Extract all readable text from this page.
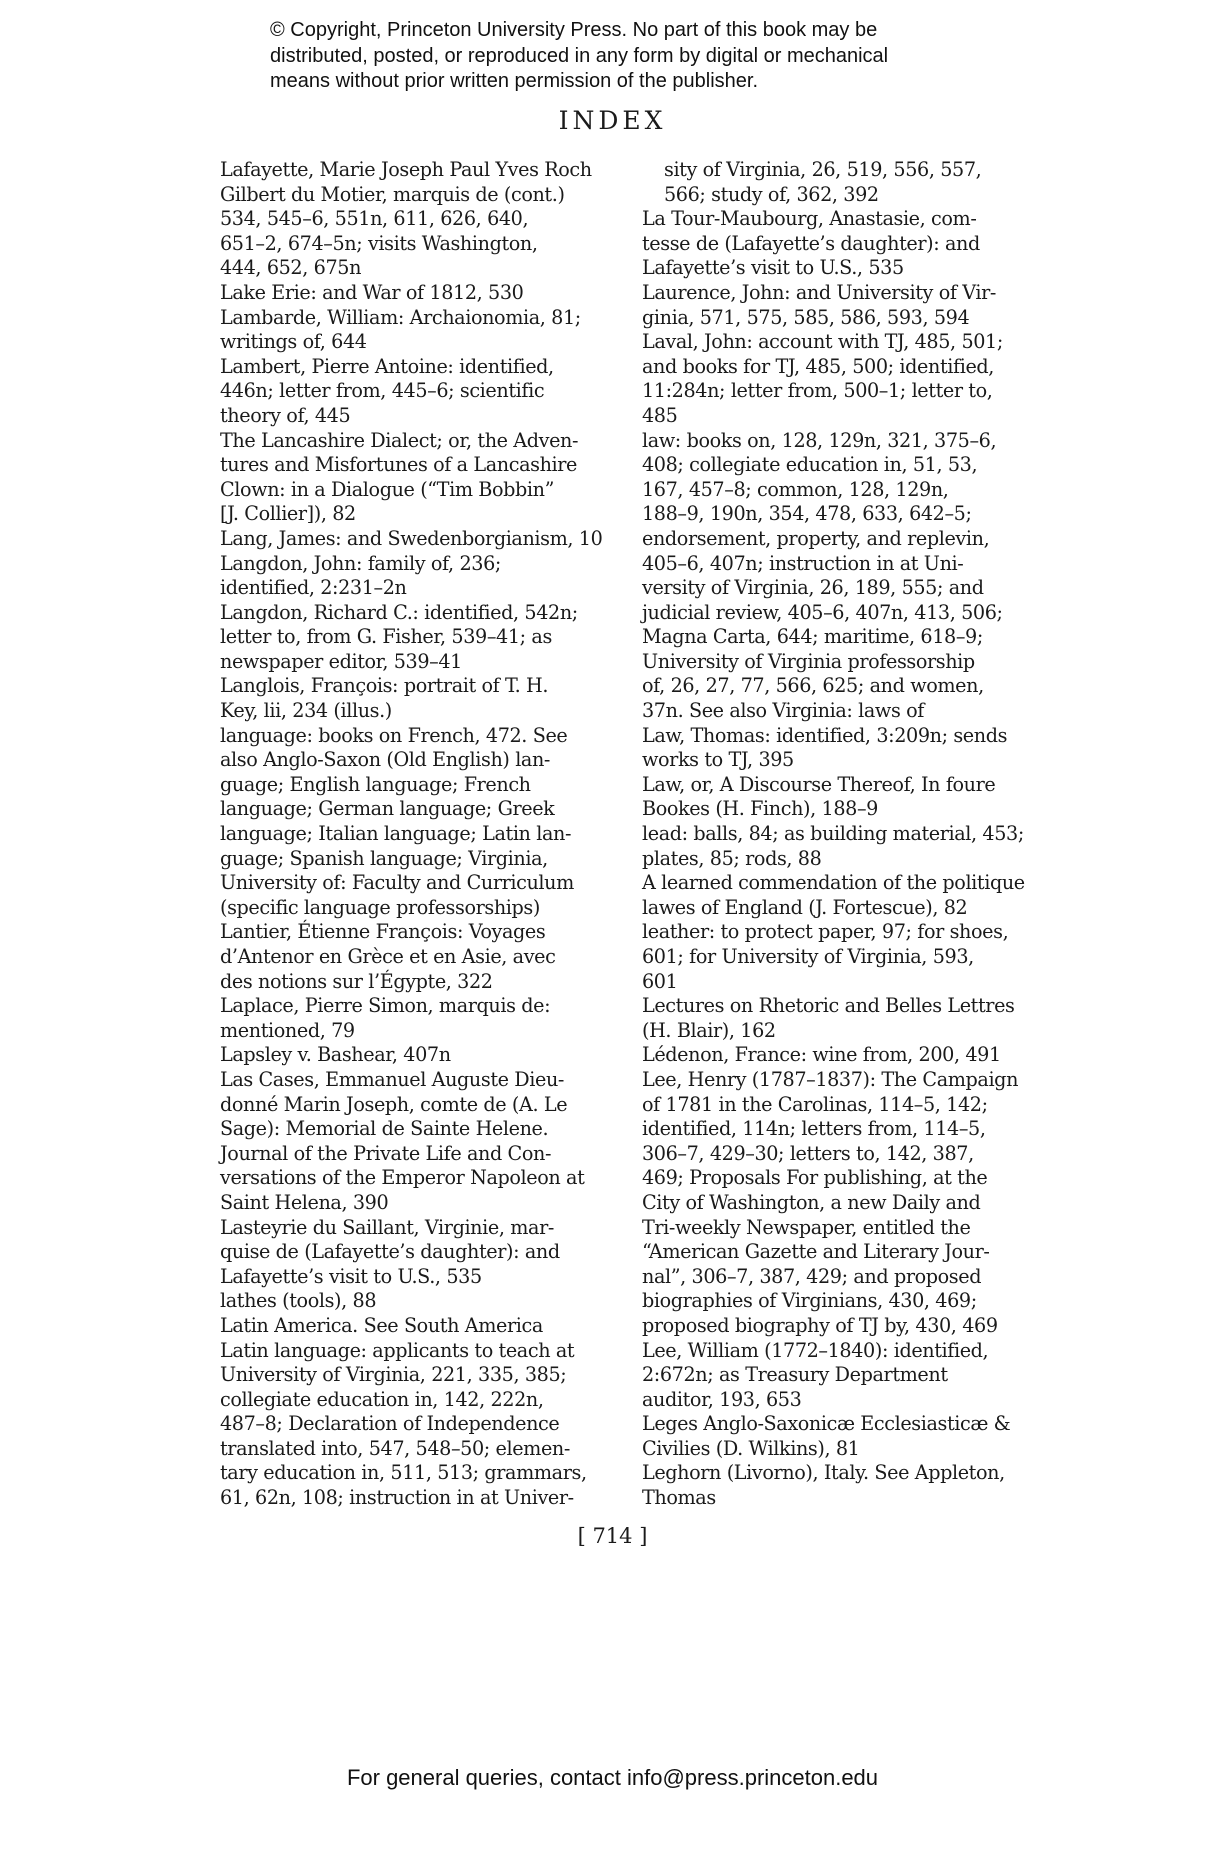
© Copyright, Princeton University Press. No part of this book may be
distributed, posted, or reproduced in any form by digital or mechanical
means without prior written permission of the publisher.
INDEX
Lafayette, Marie Joseph Paul Yves Roch
Gilbert du Motier, marquis de (cont.)
534, 545–6, 551n, 611, 626, 640,
651–2, 674–5n; visits Washington,
444, 652, 675n
Lake Erie: and War of 1812, 530
Lambarde, William: Archaionomia, 81;
writings of, 644
Lambert, Pierre Antoine: identified,
446n; letter from, 445–6; scientific
theory of, 445
The Lancashire Dialect; or, the Adven-
tures and Misfortunes of a Lancashire
Clown: in a Dialogue (“Tim Bobbin”
[J. Collier]), 82
Lang, James: and Swedenborgianism, 10
Langdon, John: family of, 236;
identified, 2:231–2n
Langdon, Richard C.: identified, 542n;
letter to, from G. Fisher, 539–41; as
newspaper editor, 539–41
Langlois, François: portrait of T. H.
Key, lii, 234 (illus.)
language: books on French, 472. See
also Anglo-Saxon (Old English) lan-
guage; English language; French
language; German language; Greek
language; Italian language; Latin lan-
guage; Spanish language; Virginia,
University of: Faculty and Curriculum
(specific language professorships)
Lantier, Étienne François: Voyages
d’Antenor en Grèce et en Asie, avec
des notions sur l’Égypte, 322
Laplace, Pierre Simon, marquis de:
mentioned, 79
Lapsley v. Bashear, 407n
Las Cases, Emmanuel Auguste Dieu-
donné Marin Joseph, comte de (A. Le
Sage): Memorial de Sainte Helene.
Journal of the Private Life and Con-
versations of the Emperor Napoleon at
Saint Helena, 390
Lasteyrie du Saillant, Virginie, mar-
quise de (Lafayette’s daughter): and
Lafayette’s visit to U.S., 535
lathes (tools), 88
Latin America. See South America
Latin language: applicants to teach at
University of Virginia, 221, 335, 385;
collegiate education in, 142, 222n,
487–8; Declaration of Independence
translated into, 547, 548–50; elemen-
tary education in, 511, 513; grammars,
61, 62n, 108; instruction in at Univer-
sity of Virginia, 26, 519, 556, 557,
566; study of, 362, 392
La Tour-Maubourg, Anastasie, com-
tesse de (Lafayette’s daughter): and
Lafayette’s visit to U.S., 535
Laurence, John: and University of Vir-
ginia, 571, 575, 585, 586, 593, 594
Laval, John: account with TJ, 485, 501;
and books for TJ, 485, 500; identified,
11:284n; letter from, 500–1; letter to,
485
law: books on, 128, 129n, 321, 375–6,
408; collegiate education in, 51, 53,
167, 457–8; common, 128, 129n,
188–9, 190n, 354, 478, 633, 642–5;
endorsement, property, and replevin,
405–6, 407n; instruction in at Uni-
versity of Virginia, 26, 189, 555; and
judicial review, 405–6, 407n, 413, 506;
Magna Carta, 644; maritime, 618–9;
University of Virginia professorship
of, 26, 27, 77, 566, 625; and women,
37n. See also Virginia: laws of
Law, Thomas: identified, 3:209n; sends
works to TJ, 395
Law, or, A Discourse Thereof, In foure
Bookes (H. Finch), 188–9
lead: balls, 84; as building material, 453;
plates, 85; rods, 88
A learned commendation of the politique
lawes of England (J. Fortescue), 82
leather: to protect paper, 97; for shoes,
601; for University of Virginia, 593,
601
Lectures on Rhetoric and Belles Lettres
(H. Blair), 162
Lédenon, France: wine from, 200, 491
Lee, Henry (1787–1837): The Campaign
of 1781 in the Carolinas, 114–5, 142;
identified, 114n; letters from, 114–5,
306–7, 429–30; letters to, 142, 387,
469; Proposals For publishing, at the
City of Washington, a new Daily and
Tri-weekly Newspaper, entitled the
“American Gazette and Literary Jour-
nal”, 306–7, 387, 429; and proposed
biographies of Virginians, 430, 469;
proposed biography of TJ by, 430, 469
Lee, William (1772–1840): identified,
2:672n; as Treasury Department
auditor, 193, 653
Leges Anglo-Saxonicæ Ecclesiasticæ &
Civilies (D. Wilkins), 81
Leghorn (Livorno), Italy. See Appleton,
Thomas
[ 714 ]
For general queries, contact info@press.princeton.edu
